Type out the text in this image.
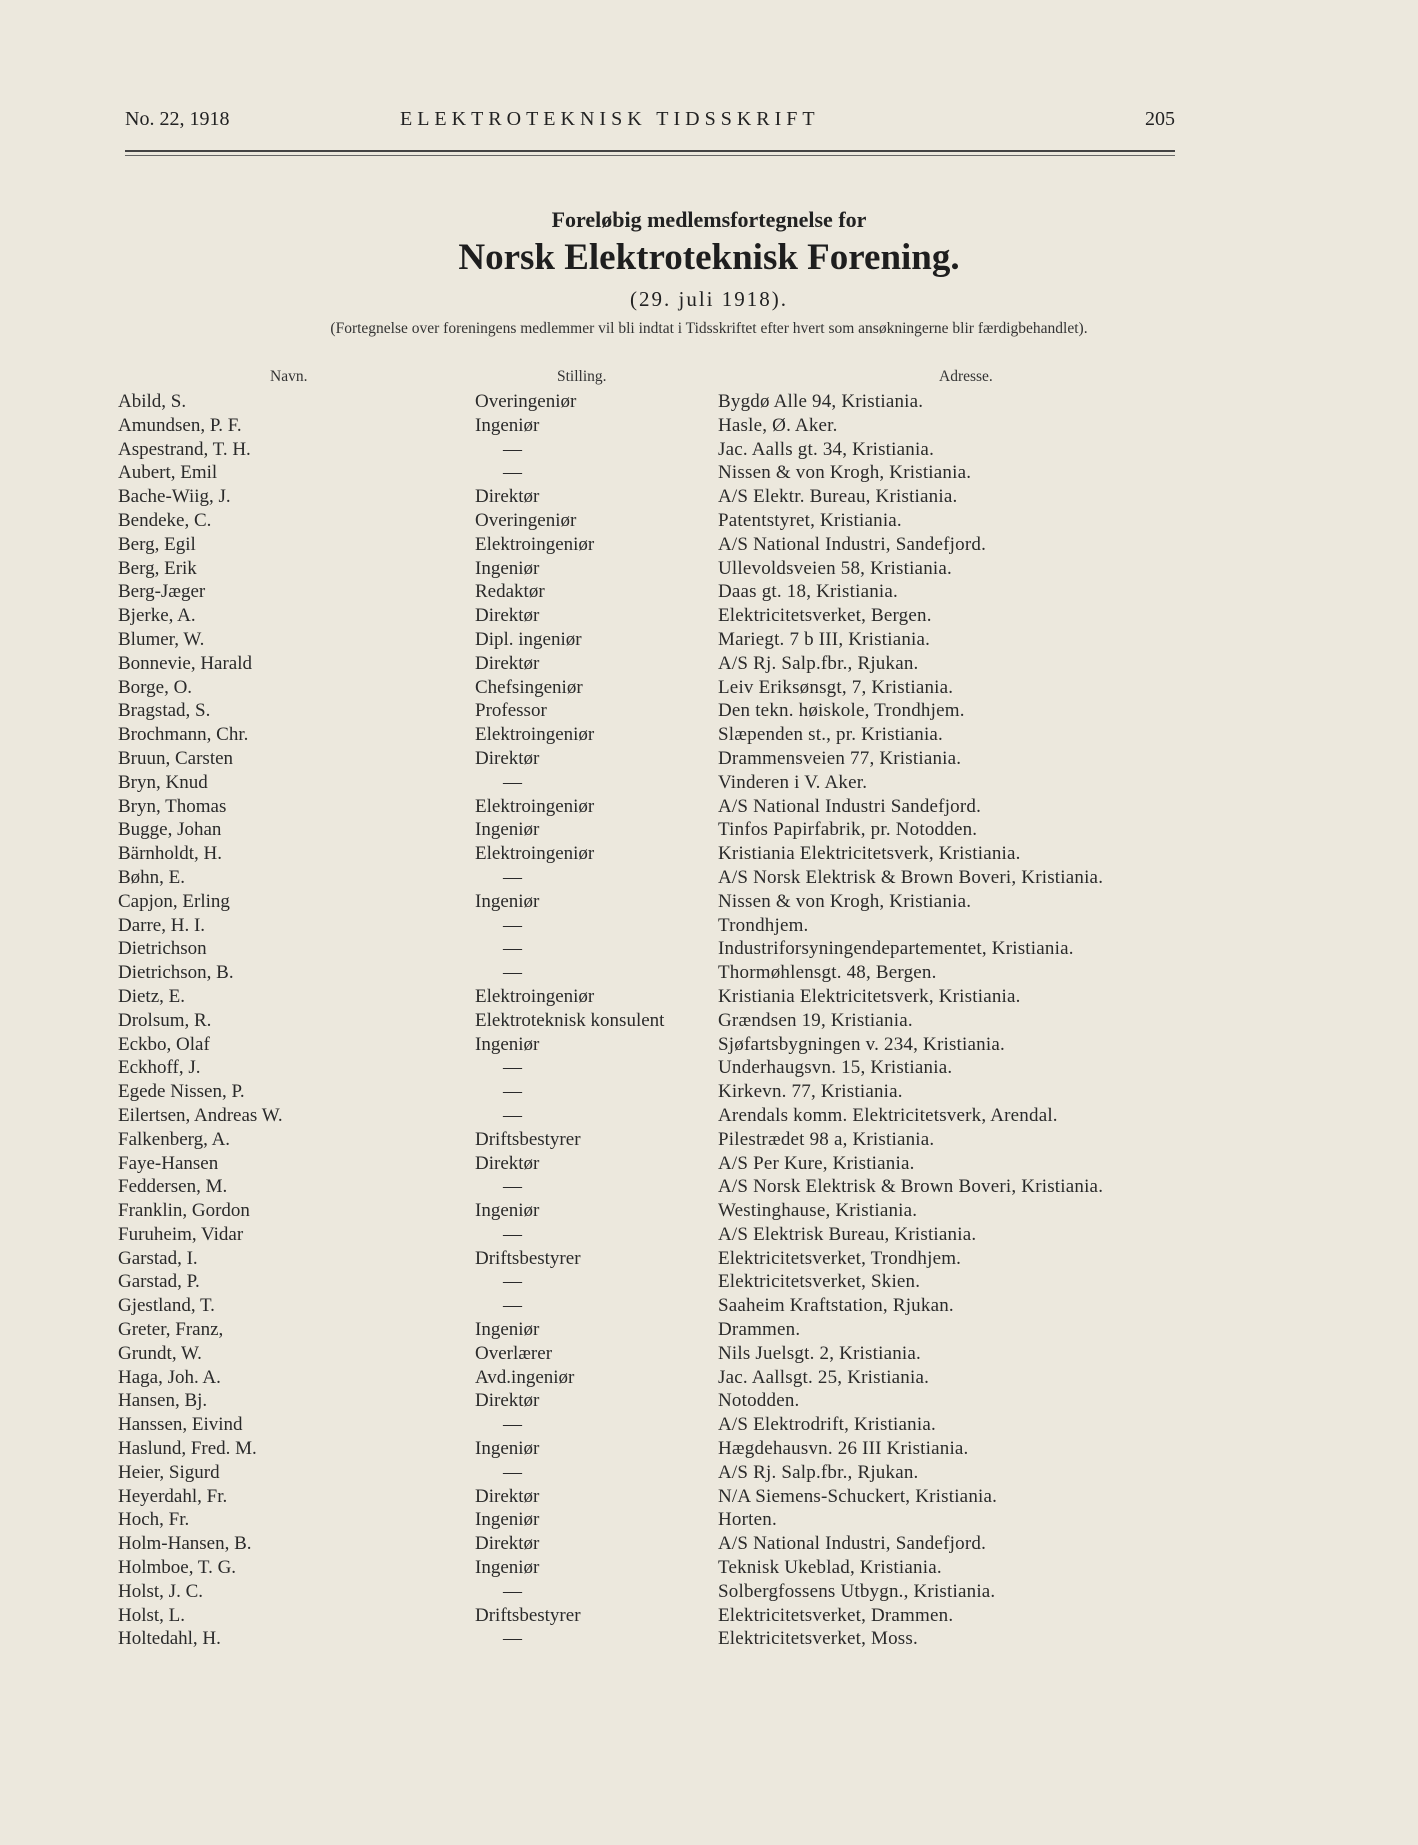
No. 22, 1918	ELEKTROTEKNISK TIDSSKRIFT	205
Foreløbig medlemsfortegnelse for
Norsk Elektroteknisk Forening.
(29. juli 1918).
(Fortegnelse over foreningens medlemmer vil bli indtat i Tidsskriftet efter hvert som ansøkningerne blir færdigbehandlet).
Navn.	Stilling.	Adresse.
Abild, S.	Overingeniør	Bygdø Alle 94, Kristiania.
Amundsen, P. F.	Ingeniør	Hasle, Ø. Aker.
Aspestrand, T. H.	—	Jac. Aalls gt. 34, Kristiania.
Aubert, Emil	—	Nissen & von Krogh, Kristiania.
Bache-Wiig, J.	Direktør	A/S Elektr. Bureau, Kristiania.
Bendeke, C.	Overingeniør	Patentstyret, Kristiania.
Berg, Egil	Elektroingeniør	A/S National Industri, Sandefjord.
Berg, Erik	Ingeniør	Ullevoldsveien 58, Kristiania.
Berg-Jæger	Redaktør	Daas gt. 18, Kristiania.
Bjerke, A.	Direktør	Elektricitetsverket, Bergen.
Blumer, W.	Dipl. ingeniør	Mariegt. 7 b III, Kristiania.
Bonnevie, Harald	Direktør	A/S Rj. Salp.fbr., Rjukan.
Borge, O.	Chefsingeniør	Leiv Eriksønsgt, 7, Kristiania.
Bragstad, S.	Professor	Den tekn. høiskole, Trondhjem.
Brochmann, Chr.	Elektroingeniør	Slæpenden st., pr. Kristiania.
Bruun, Carsten	Direktør	Drammensveien 77, Kristiania.
Bryn, Knud	—	Vinderen i V. Aker.
Bryn, Thomas	Elektroingeniør	A/S National Industri Sandefjord.
Bugge, Johan	Ingeniør	Tinfos Papirfabrik, pr. Notodden.
Bärnholdt, H.	Elektroingeniør	Kristiania Elektricitetsverk, Kristiania.
Bøhn, E.	—	A/S Norsk Elektrisk & Brown Boveri, Kristiania.
Capjon, Erling	Ingeniør	Nissen & von Krogh, Kristiania.
Darre, H. I.	—	Trondhjem.
Dietrichson	—	Industriforsyningendepartementet, Kristiania.
Dietrichson, B.	—	Thormøhlensgt. 48, Bergen.
Dietz, E.	Elektroingeniør	Kristiania Elektricitetsverk, Kristiania.
Drolsum, R.	Elektroteknisk konsulent	Grændsen 19, Kristiania.
Eckbo, Olaf	Ingeniør	Sjøfartsbygningen v. 234, Kristiania.
Eckhoff, J.	—	Underhaugsvn. 15, Kristiania.
Egede Nissen, P.	—	Kirkevn. 77, Kristiania.
Eilertsen, Andreas W.	—	Arendals komm. Elektricitetsverk, Arendal.
Falkenberg, A.	Driftsbestyrer	Pilestrædet 98 a, Kristiania.
Faye-Hansen	Direktør	A/S Per Kure, Kristiania.
Feddersen, M.	—	A/S Norsk Elektrisk & Brown Boveri, Kristiania.
Franklin, Gordon	Ingeniør	Westinghause, Kristiania.
Furuheim, Vidar	—	A/S Elektrisk Bureau, Kristiania.
Garstad, I.	Driftsbestyrer	Elektricitetsverket, Trondhjem.
Garstad, P.	—	Elektricitetsverket, Skien.
Gjestland, T.	—	Saaheim Kraftstation, Rjukan.
Greter, Franz,	Ingeniør	Drammen.
Grundt, W.	Overlærer	Nils Juelsgt. 2, Kristiania.
Haga, Joh. A.	Avd.ingeniør	Jac. Aallsgt. 25, Kristiania.
Hansen, Bj.	Direktør	Notodden.
Hanssen, Eivind	—	A/S Elektrodrift, Kristiania.
Haslund, Fred. M.	Ingeniør	Hægdehausvn. 26 III Kristiania.
Heier, Sigurd	—	A/S Rj. Salp.fbr., Rjukan.
Heyerdahl, Fr.	Direktør	N/A Siemens-Schuckert, Kristiania.
Hoch, Fr.	Ingeniør	Horten.
Holm-Hansen, B.	Direktør	A/S National Industri, Sandefjord.
Holmboe, T. G.	Ingeniør	Teknisk Ukeblad, Kristiania.
Holst, J. C.	—	Solbergfossens Utbygn., Kristiania.
Holst, L.	Driftsbestyrer	Elektricitetsverket, Drammen.
Holtedahl, H.	—	Elektricitetsverket, Moss.
